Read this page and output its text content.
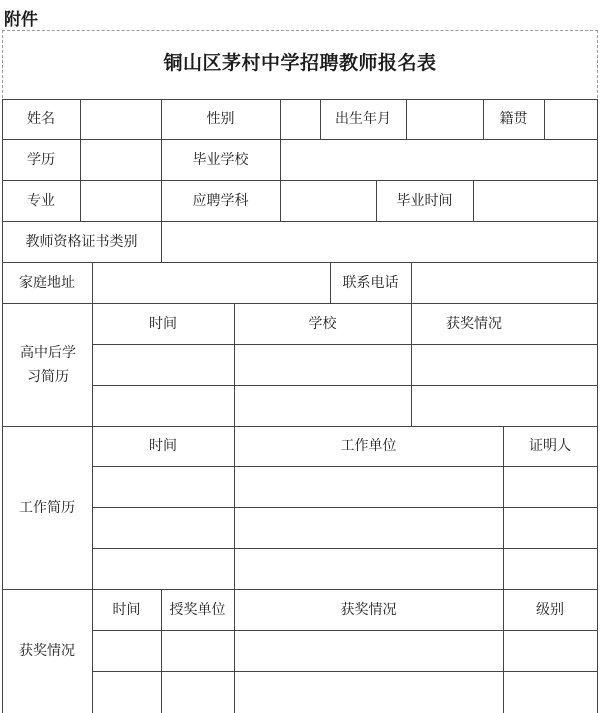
附件
铜山区茅村中学招聘教师报名表
姓名	性别	出生年月	籍贯
学历	毕业学校
专业	应聘学科	毕业时间
教师资格证书类别
家庭地址	联系电话
高中后学习简历
时间	学校	获奖情况
工作简历
时间	工作单位	证明人
获奖情况
时间	授奖单位	获奖情况	级别
